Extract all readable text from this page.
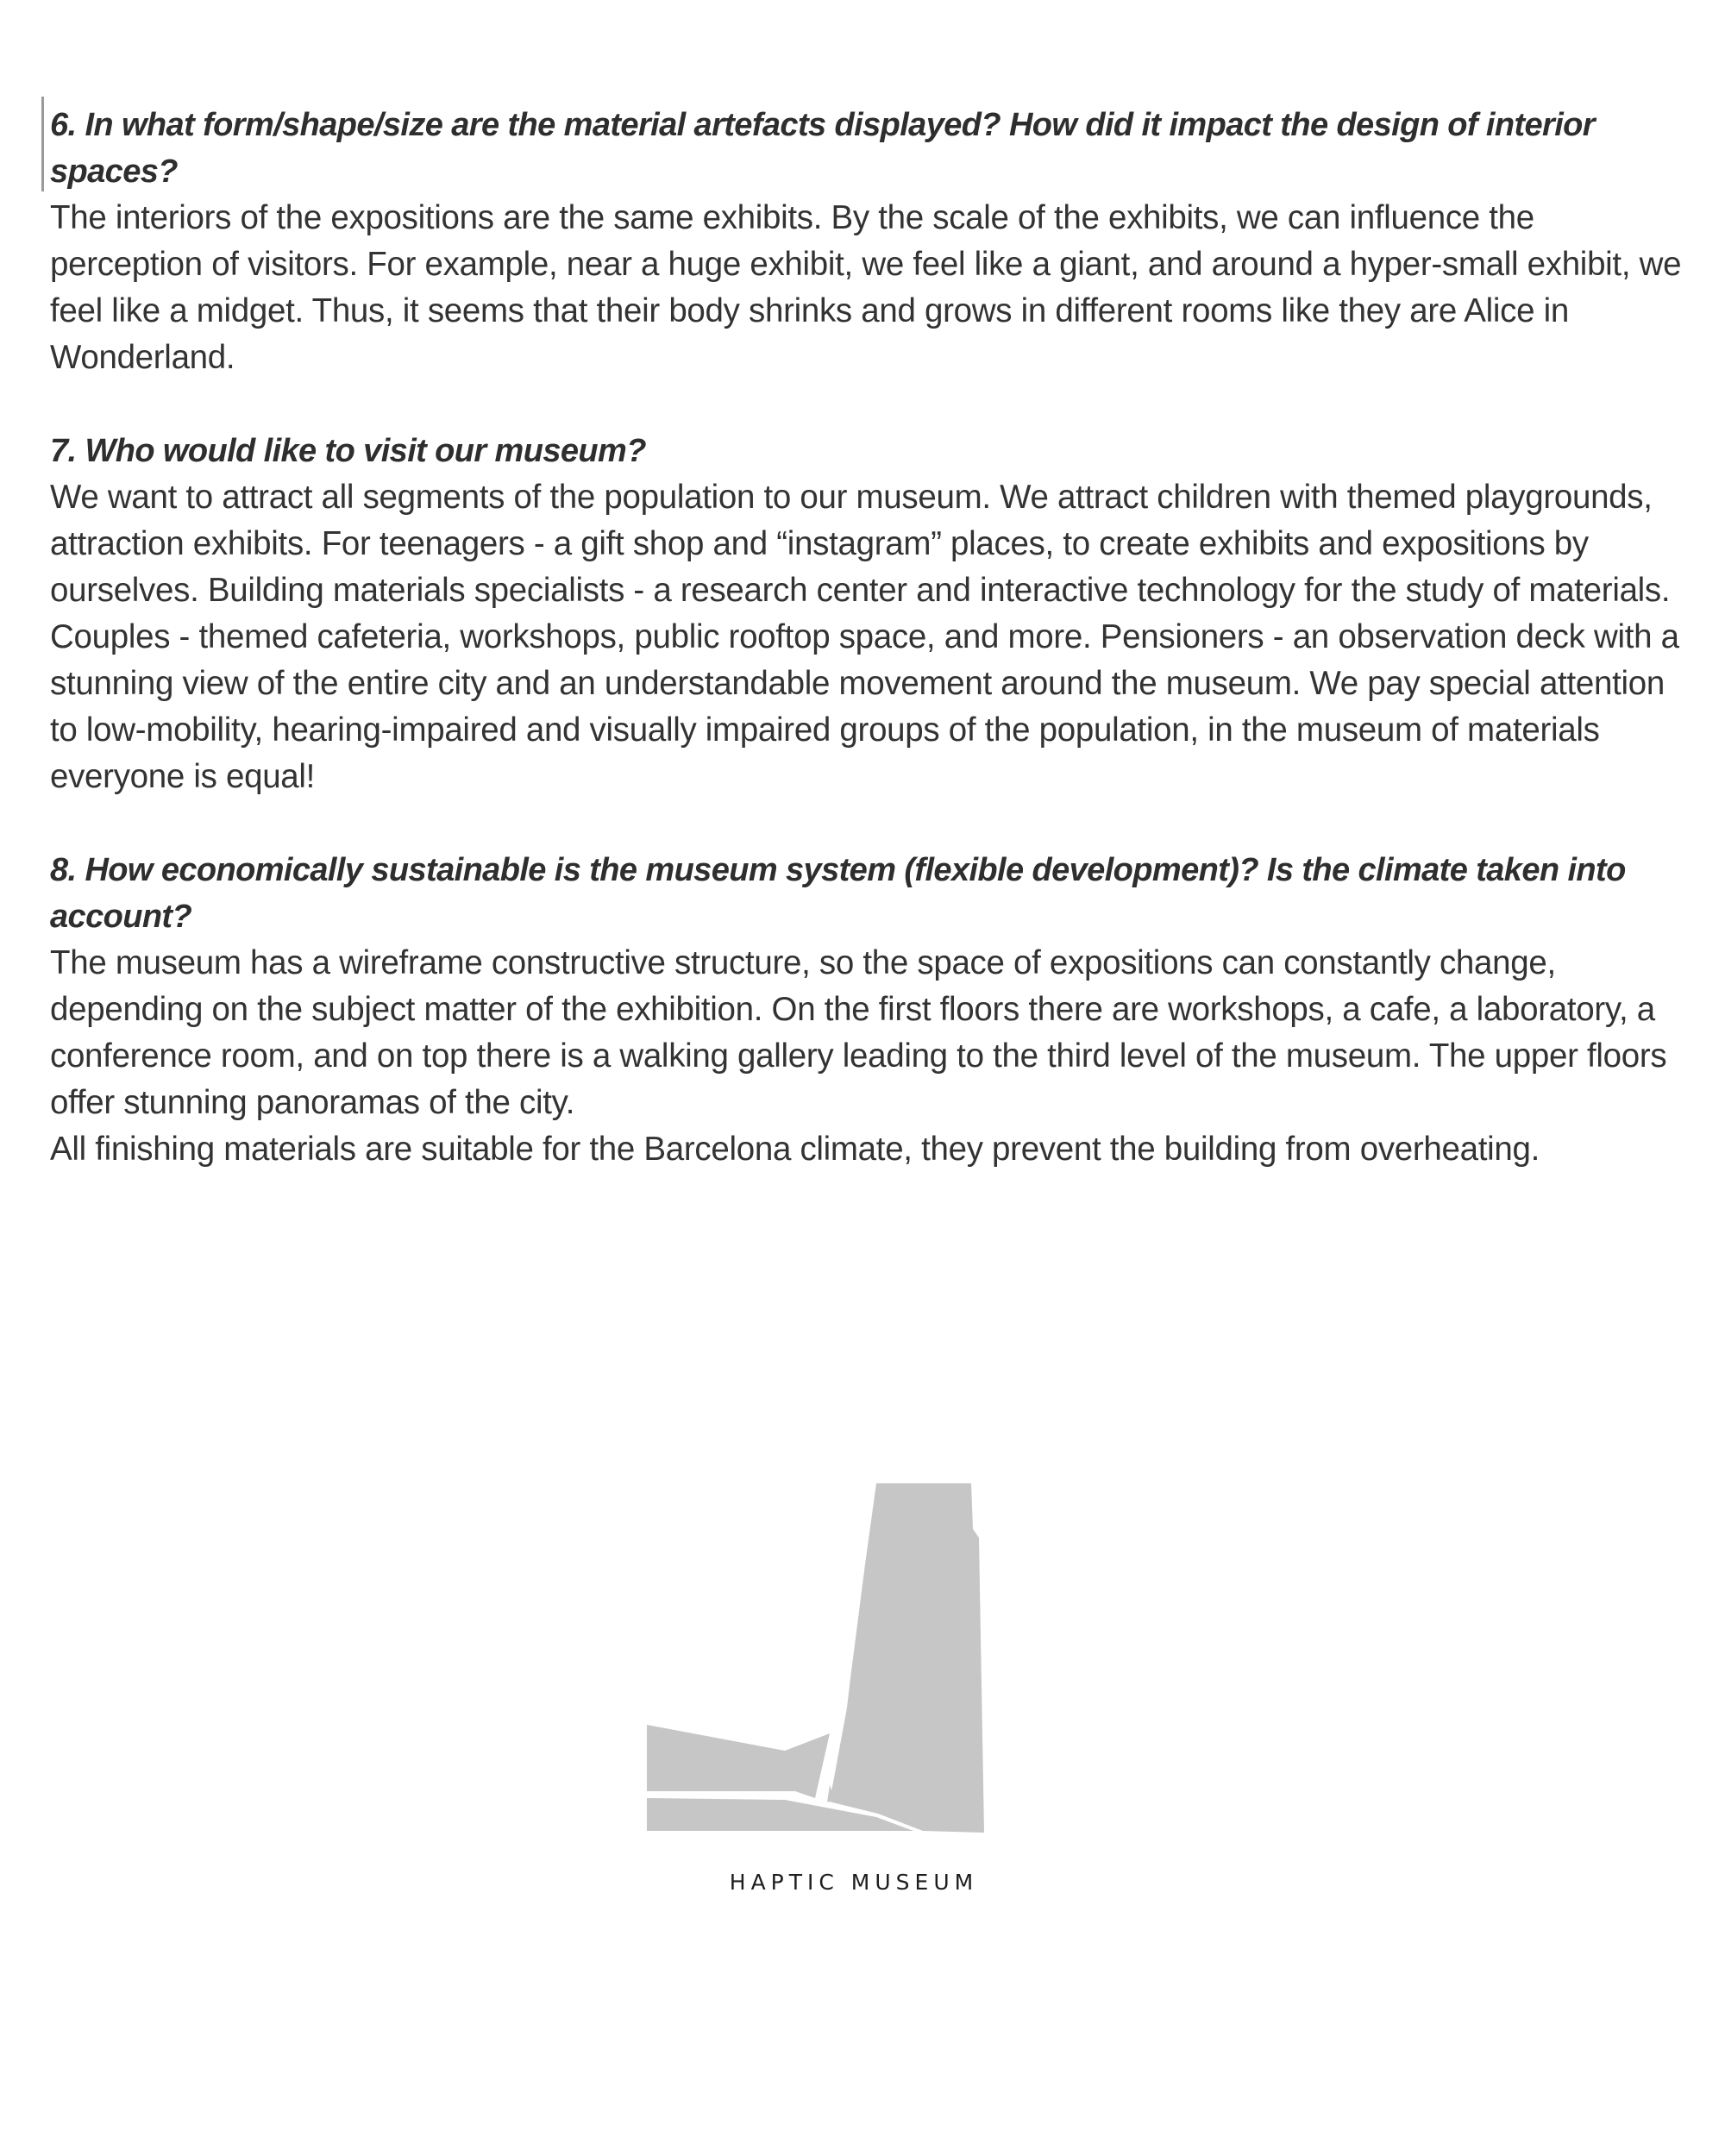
6. In what form/shape/size are the material artefacts displayed? How did it impact the design of interior spaces?

The interiors of the expositions are the same exhibits. By the scale of the exhibits, we can influence the perception of visitors. For example, near a huge exhibit, we feel like a giant, and around a hyper-small exhibit, we feel like a midget. Thus, it seems that their body shrinks and grows in different rooms like they are Alice in Wonderland.

7. Who would like to visit our museum?

We want to attract all segments of the population to our museum. We attract children with themed playgrounds, attraction exhibits. For teenagers - a gift shop and “instagram” places, to create exhibits and expositions by ourselves. Building materials specialists - a research center and interactive technology for the study of materials. Couples - themed cafeteria, workshops, public rooftop space, and more. Pensioners - an observation deck with a stunning view of the entire city and an understandable movement around the museum. We pay special attention to low-mobility, hearing-impaired and visually impaired groups of the population, in the museum of materials everyone is equal!

8. How economically sustainable is the museum system (flexible development)? Is the climate taken into account?

The museum has a wireframe constructive structure, so the space of expositions can constantly change, depending on the subject matter of the exhibition. On the first floors there are workshops, a cafe, a laboratory, a conference room, and on top there is a walking gallery leading to the third level of the museum. The upper floors offer stunning panoramas of the city.

All finishing materials are suitable for the Barcelona climate, they prevent the building from overheating.

HAPTIC MUSEUM
